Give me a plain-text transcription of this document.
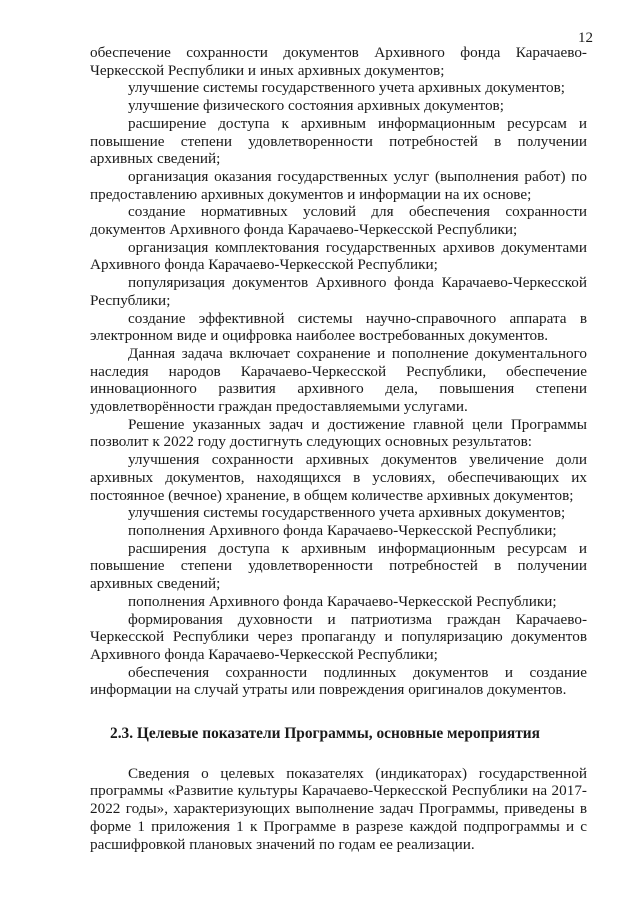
12

обеспечение сохранности документов Архивного фонда Карачаево-Черкесской Республики и иных архивных документов;

улучшение системы государственного учета архивных документов;

улучшение физического состояния архивных документов;

расширение доступа к архивным информационным ресурсам и повышение степени удовлетворенности потребностей в получении архивных сведений;

организация оказания государственных услуг (выполнения работ) по предоставлению архивных документов и информации на их основе;

создание нормативных условий для обеспечения сохранности документов Архивного фонда Карачаево-Черкесской Республики;

организация комплектования государственных архивов документами Архивного фонда Карачаево-Черкесской Республики;

популяризация документов Архивного фонда Карачаево-Черкесской Республики;

создание эффективной системы научно-справочного аппарата в электронном виде и оцифровка наиболее востребованных документов.

Данная задача включает сохранение и пополнение документального наследия народов Карачаево-Черкесской Республики, обеспечение инновационного развития архивного дела, повышения степени удовлетворённости граждан предоставляемыми услугами.

Решение указанных задач и достижение главной цели Программы позволит к 2022 году достигнуть следующих основных результатов:

улучшения сохранности архивных документов увеличение доли архивных документов, находящихся в условиях, обеспечивающих их постоянное (вечное) хранение, в общем количестве архивных документов;

улучшения системы государственного учета архивных документов;

пополнения Архивного фонда Карачаево-Черкесской Республики;

расширения доступа к архивным информационным ресурсам и повышение степени удовлетворенности потребностей в получении архивных сведений;

пополнения Архивного фонда Карачаево-Черкесской Республики;

формирования духовности и патриотизма граждан Карачаево-Черкесской Республики через пропаганду и популяризацию документов Архивного фонда Карачаево-Черкесской Республики;

обеспечения сохранности подлинных документов и создание информации на случай утраты или повреждения оригиналов документов.

2.3. Целевые показатели Программы, основные мероприятия

Сведения о целевых показателях (индикаторах) государственной программы «Развитие культуры Карачаево-Черкесской Республики на 2017-2022 годы», характеризующих выполнение задач Программы, приведены в форме 1 приложения 1 к Программе в разрезе каждой подпрограммы и с расшифровкой плановых значений по годам ее реализации.
